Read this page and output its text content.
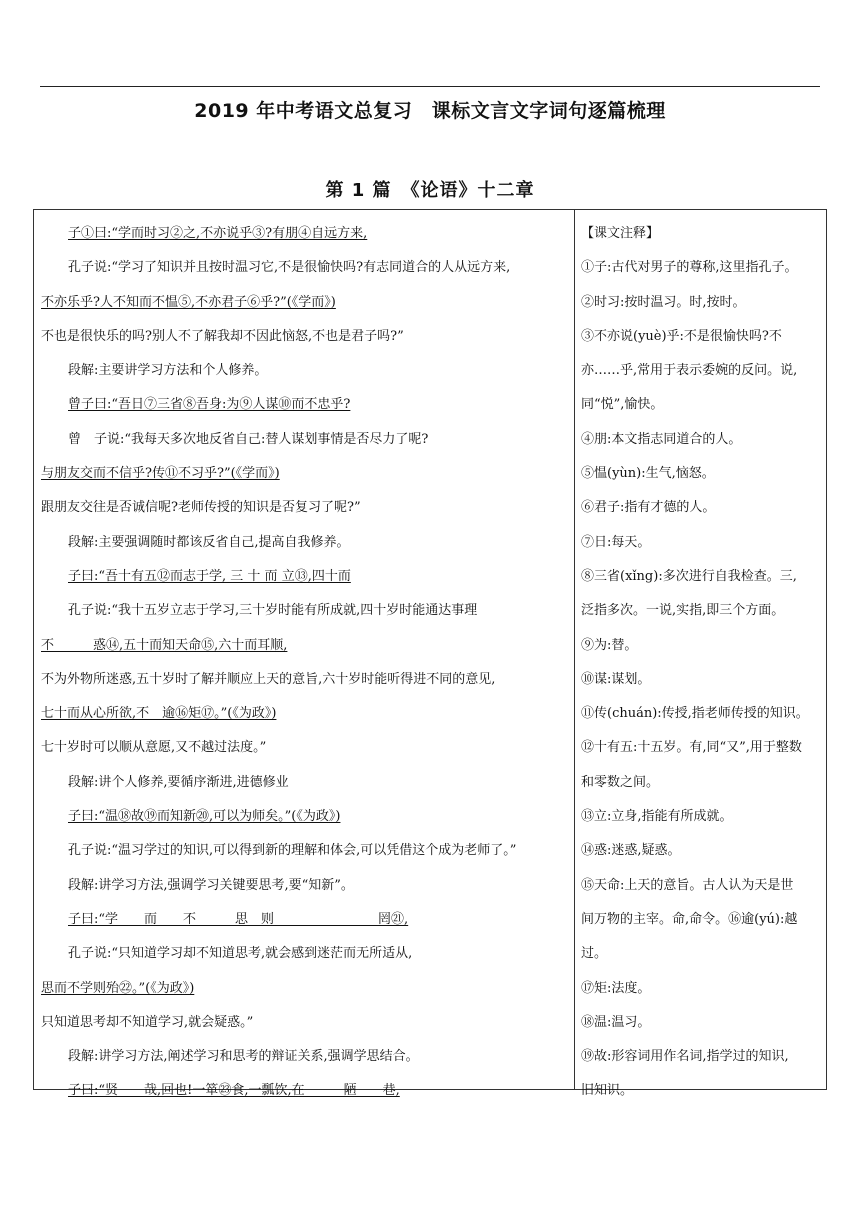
2019 年中考语文总复习　课标文言文字词句逐篇梳理
第 1 篇　《论语》十二章
子①曰:“学而时习②之,不亦说乎③?有朋④自远方来,
孔子说:“学习了知识并且按时温习它,不是很愉快吗?有志同道合的人从远方来,
不亦乐乎?人不知而不愠⑤,不亦君子⑥乎?”(《学而》)
不也是很快乐的吗?别人不了解我却不因此恼怒,不也是君子吗?”
段解:主要讲学习方法和个人修养。
曾子曰:“吾日⑦三省⑧吾身:为⑨人谋⑩而不忠乎?
曾　子说:“我每天多次地反省自己:替人谋划事情是否尽力了呢?
与朋友交而不信乎?传⑪不习乎?”(《学而》)
跟朋友交往是否诚信呢?老师传授的知识是否复习了呢?”
段解:主要强调随时都该反省自己,提高自我修养。
子曰:“吾十有五⑫而志于学, 三 十 而 立⑬,四十而
孔子说:“我十五岁立志于学习,三十岁时能有所成就,四十岁时能通达事理
不　　　惑⑭,五十而知天命⑮,六十而耳顺,
不为外物所迷惑,五十岁时了解并顺应上天的意旨,六十岁时能听得进不同的意见,
七十而从心所欲,不　逾⑯矩⑰。”(《为政》)
七十岁时可以顺从意愿,又不越过法度。”
段解:讲个人修养,要循序渐进,进德修业
子曰:“温⑱故⑲而知新⑳,可以为师矣。”(《为政》)
孔子说:“温习学过的知识,可以得到新的理解和体会,可以凭借这个成为老师了。”
段解:讲学习方法,强调学习关键要思考,要“知新”。
子曰:“学　　而　　不　　　思　则　　　　　　　　罔㉑,
孔子说:“只知道学习却不知道思考,就会感到迷茫而无所适从,
思而不学则殆㉒。”(《为政》)
只知道思考却不知道学习,就会疑惑。”
段解:讲学习方法,阐述学习和思考的辩证关系,强调学思结合。
子曰:“贤　　哉,回也!一箪㉓食,一瓢饮,在　　　陋　　巷,
【课文注释】
①子:古代对男子的尊称,这里指孔子。
②时习:按时温习。时,按时。
③不亦说(yuè)乎:不是很愉快吗?不
亦……乎,常用于表示委婉的反问。说,
同“悦”,愉快。
④朋:本文指志同道合的人。
⑤愠(yùn):生气,恼怒。
⑥君子:指有才德的人。
⑦日:每天。
⑧三省(xǐng):多次进行自我检查。三,
泛指多次。一说,实指,即三个方面。
⑨为:替。
⑩谋:谋划。
⑪传(chuán):传授,指老师传授的知识。
⑫十有五:十五岁。有,同“又”,用于整数
和零数之间。
⑬立:立身,指能有所成就。
⑭惑:迷惑,疑惑。
⑮天命:上天的意旨。古人认为天是世
间万物的主宰。命,命令。⑯逾(yú):越
过。
⑰矩:法度。
⑱温:温习。
⑲故:形容词用作名词,指学过的知识,
旧知识。
